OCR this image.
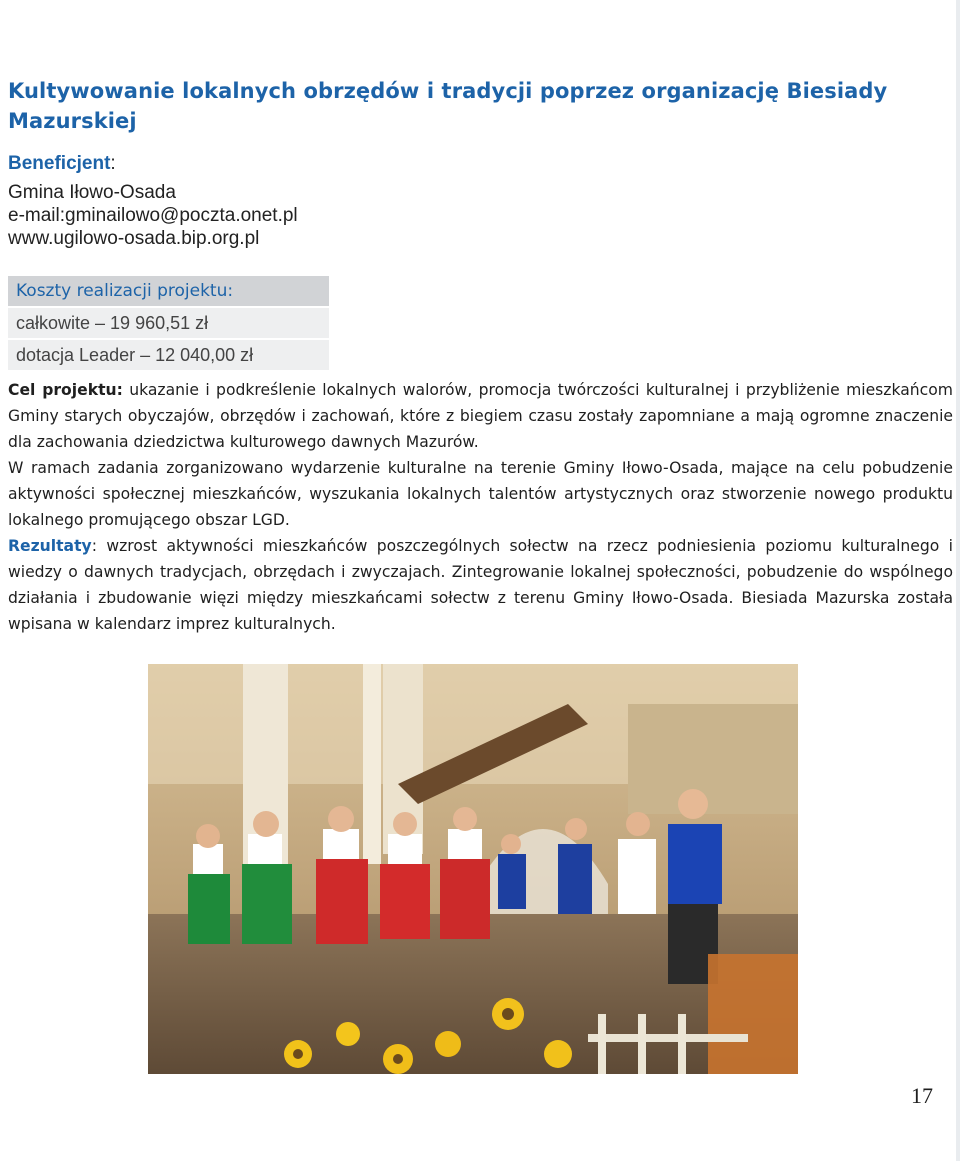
Kultywowanie lokalnych obrzędów i tradycji poprzez organizację Biesiady Mazurskiej
Beneficjent:
Gmina Iłowo-Osada
e-mail:gminailowo@poczta.onet.pl
www.ugilowo-osada.bip.org.pl
Koszty realizacji projektu:
całkowite – 19 960,51 zł
dotacja Leader – 12 040,00 zł

Cel projektu: ukazanie i podkreślenie lokalnych walorów, promocja twórczości kulturalnej i przybliżenie mieszkańcom Gminy starych obyczajów, obrzędów i zachowań, które z biegiem czasu zostały zapomniane a mają ogromne znaczenie dla zachowania dziedzictwa kulturowego dawnych Mazurów.

W ramach zadania zorganizowano wydarzenie kulturalne na terenie Gminy Iłowo-Osada, mające na celu pobudzenie aktywności społecznej mieszkańców, wyszukania lokalnych talentów artystycznych oraz stworzenie nowego produktu lokalnego promującego obszar LGD.

Rezultaty: wzrost aktywności mieszkańców poszczególnych sołectw na rzecz podniesienia poziomu kulturalnego i wiedzy o dawnych tradycjach, obrzędach i zwyczajach. Zintegrowanie lokalnej społeczności, pobudzenie do wspólnego działania i zbudowanie więzi między mieszkańcami sołectw z terenu Gminy Iłowo-Osada. Biesiada Mazurska została wpisana w kalendarz imprez kulturalnych.

17
